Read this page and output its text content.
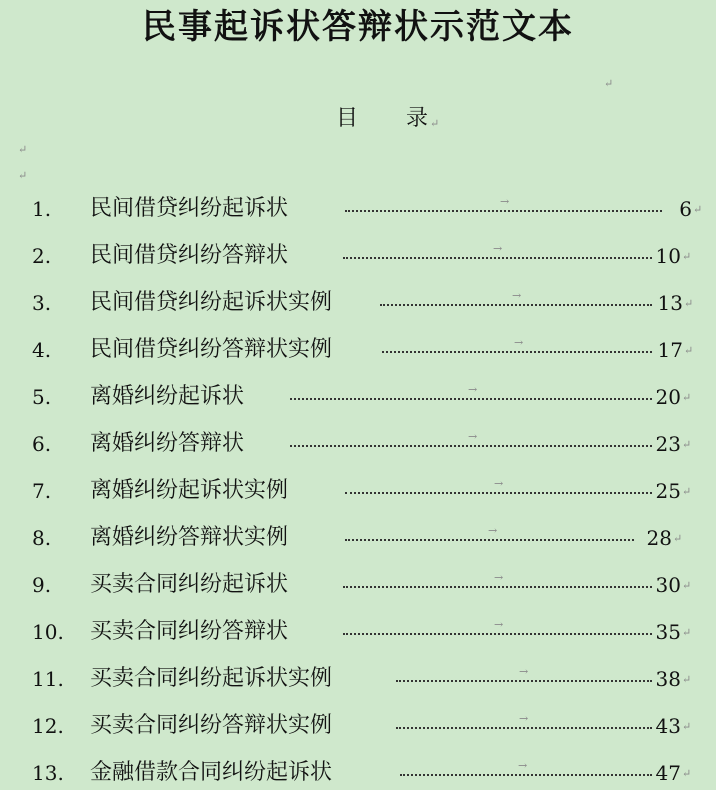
民事起诉状答辩状示范文本
↵
目 录 ↵
↵
↵
1. 民间借贷纠纷起诉状	→	6 ↵
2. 民间借贷纠纷答辩状	→	10 ↵
3. 民间借贷纠纷起诉状实例	→	13 ↵
4. 民间借贷纠纷答辩状实例	→	17 ↵
5. 离婚纠纷起诉状	→	20 ↵
6. 离婚纠纷答辩状	→	23 ↵
7. 离婚纠纷起诉状实例	→	25 ↵
8. 离婚纠纷答辩状实例	→	28 ↵
9. 买卖合同纠纷起诉状	→	30 ↵
10. 买卖合同纠纷答辩状	→	35 ↵
11. 买卖合同纠纷起诉状实例	→	38 ↵
12. 买卖合同纠纷答辩状实例	→	43 ↵
13. 金融借款合同纠纷起诉状	→	47 ↵
